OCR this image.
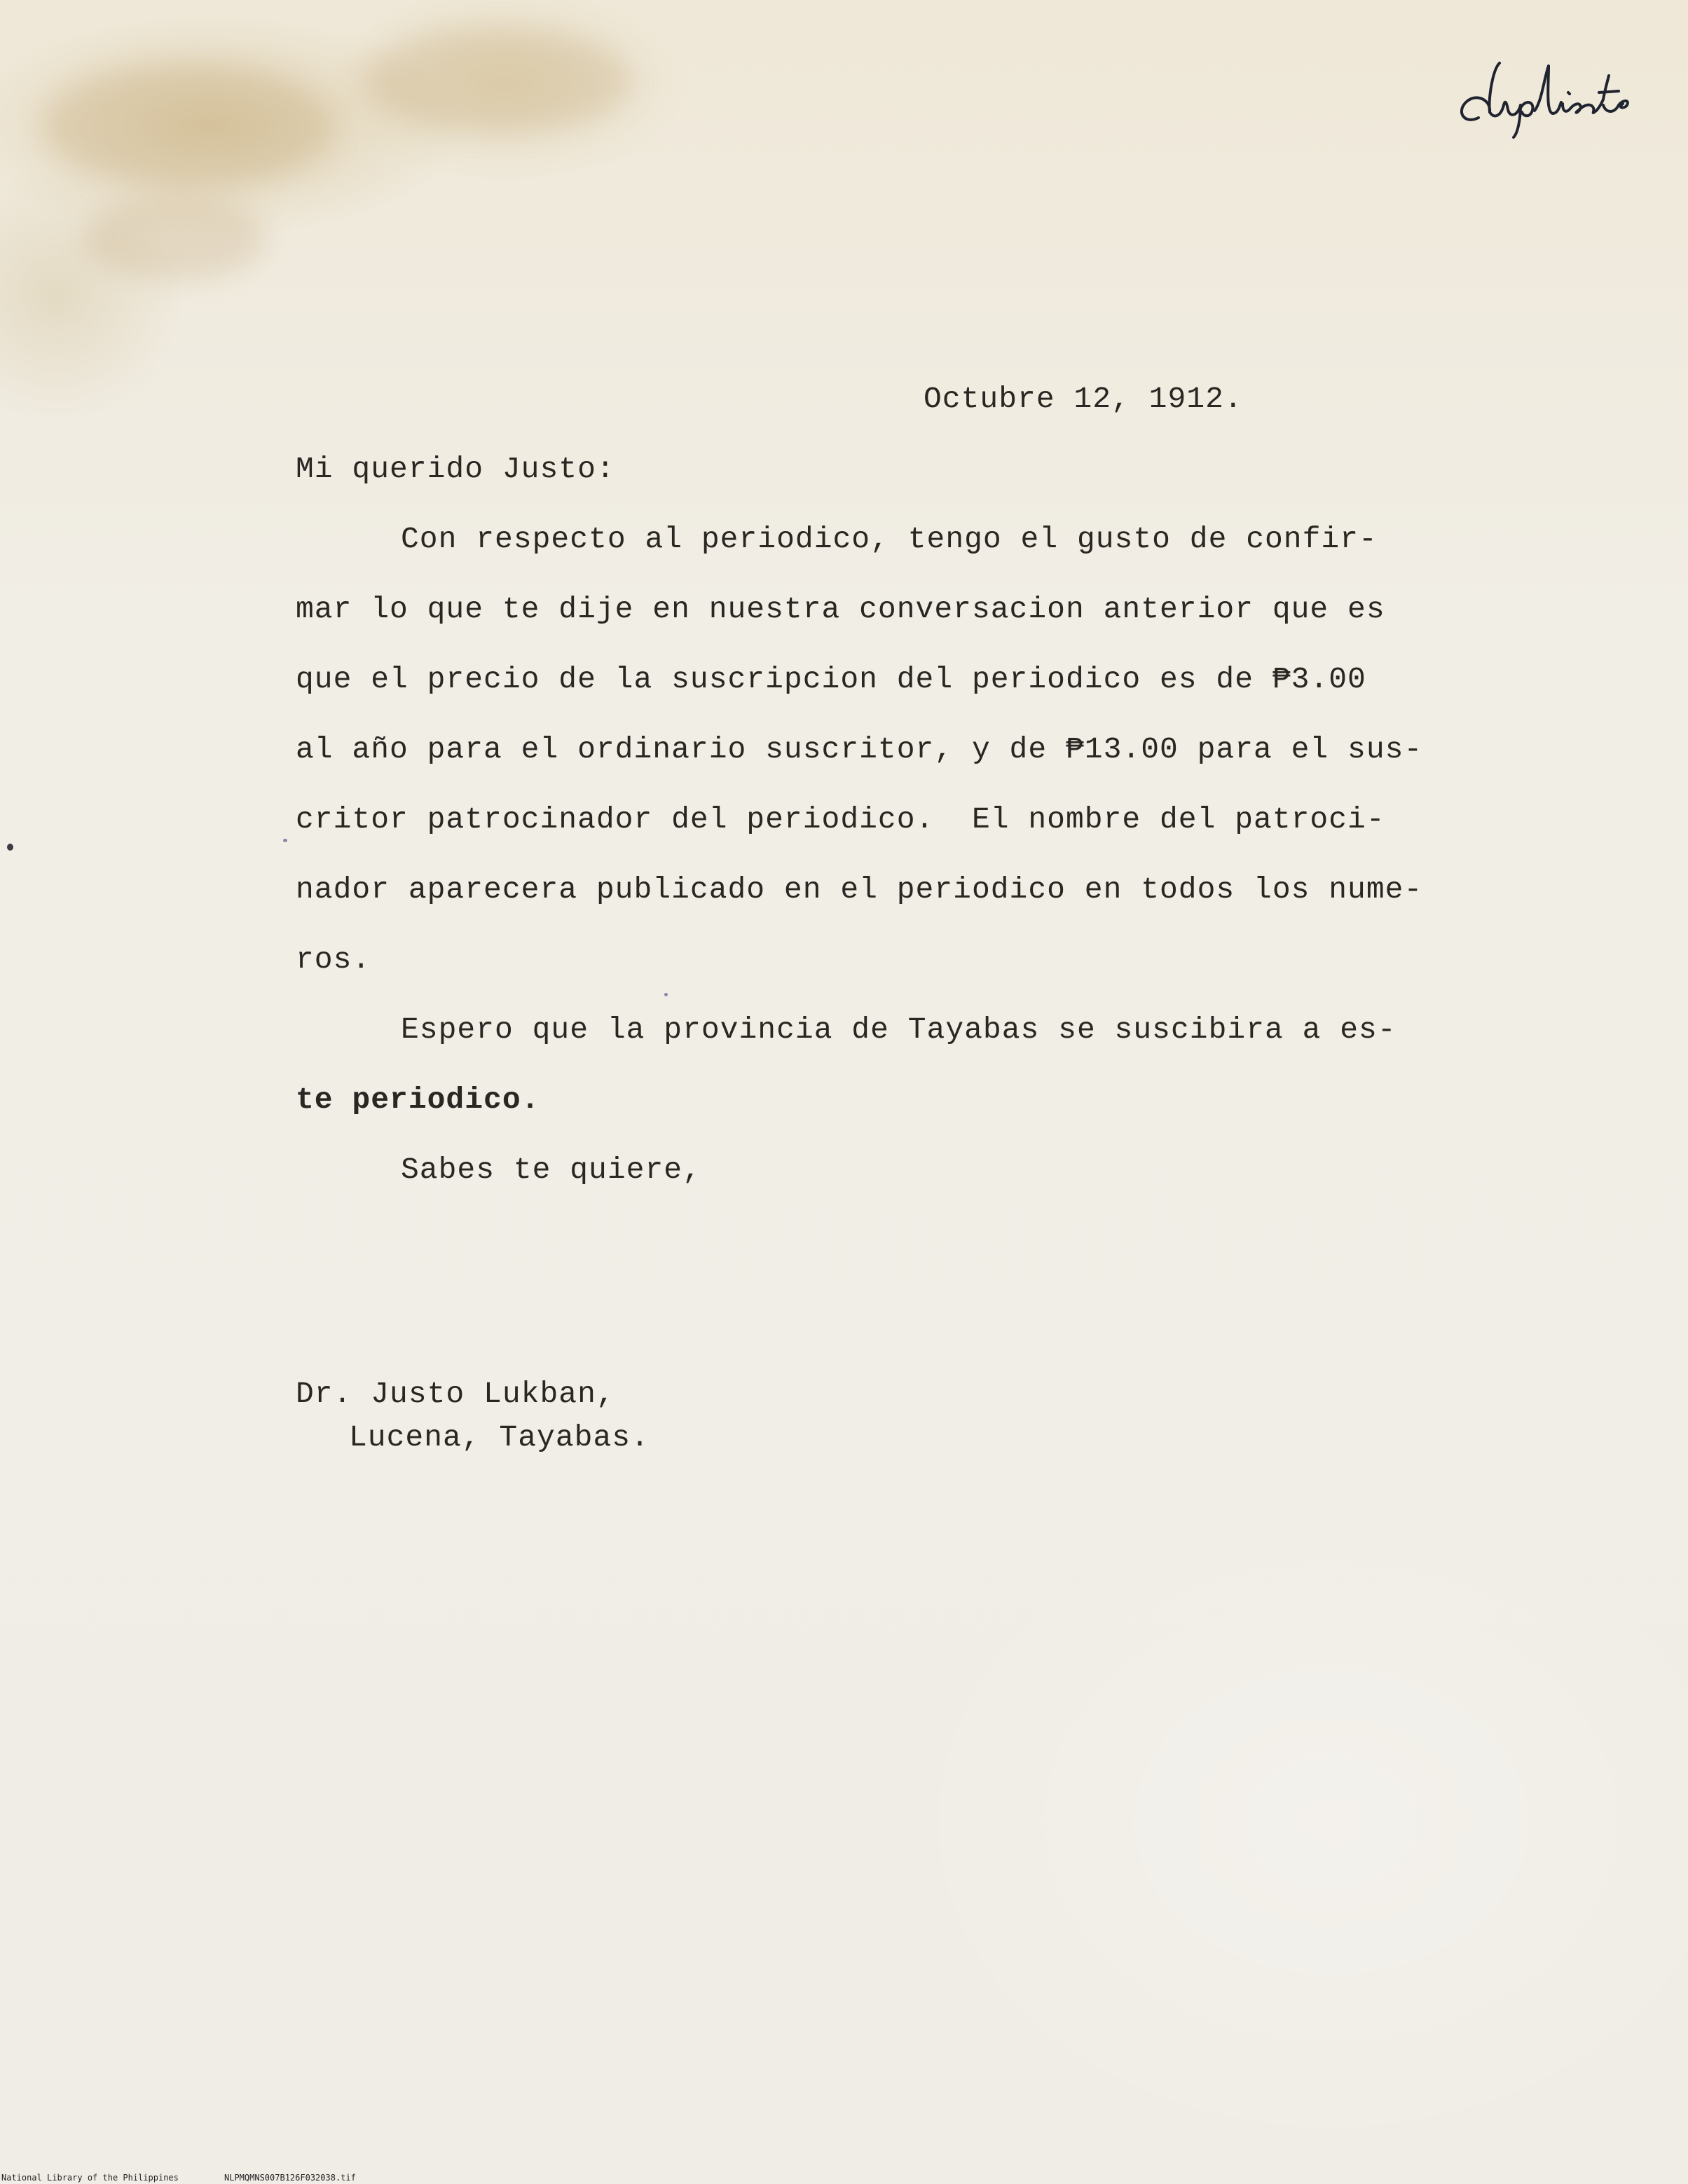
duplicate
Octubre 12, 1912.
Mi querido Justo:
Con respecto al periodico, tengo el gusto de confir-
mar lo que te dije en nuestra conversacion anterior que es
que el precio de la suscripcion del periodico es de ₱3.00
al año para el ordinario suscritor, y de ₱13.00 para el sus-
critor patrocinador del periodico.  El nombre del patroci-
nador aparecera publicado en el periodico en todos los nume-
ros.
Espero que la provincia de Tayabas se suscibira a es-
te periodico.
Sabes te quiere,
Dr. Justo Lukban,
Lucena, Tayabas.
National Library of the Philippines	NLPMQMNS007B126F032038.tif
